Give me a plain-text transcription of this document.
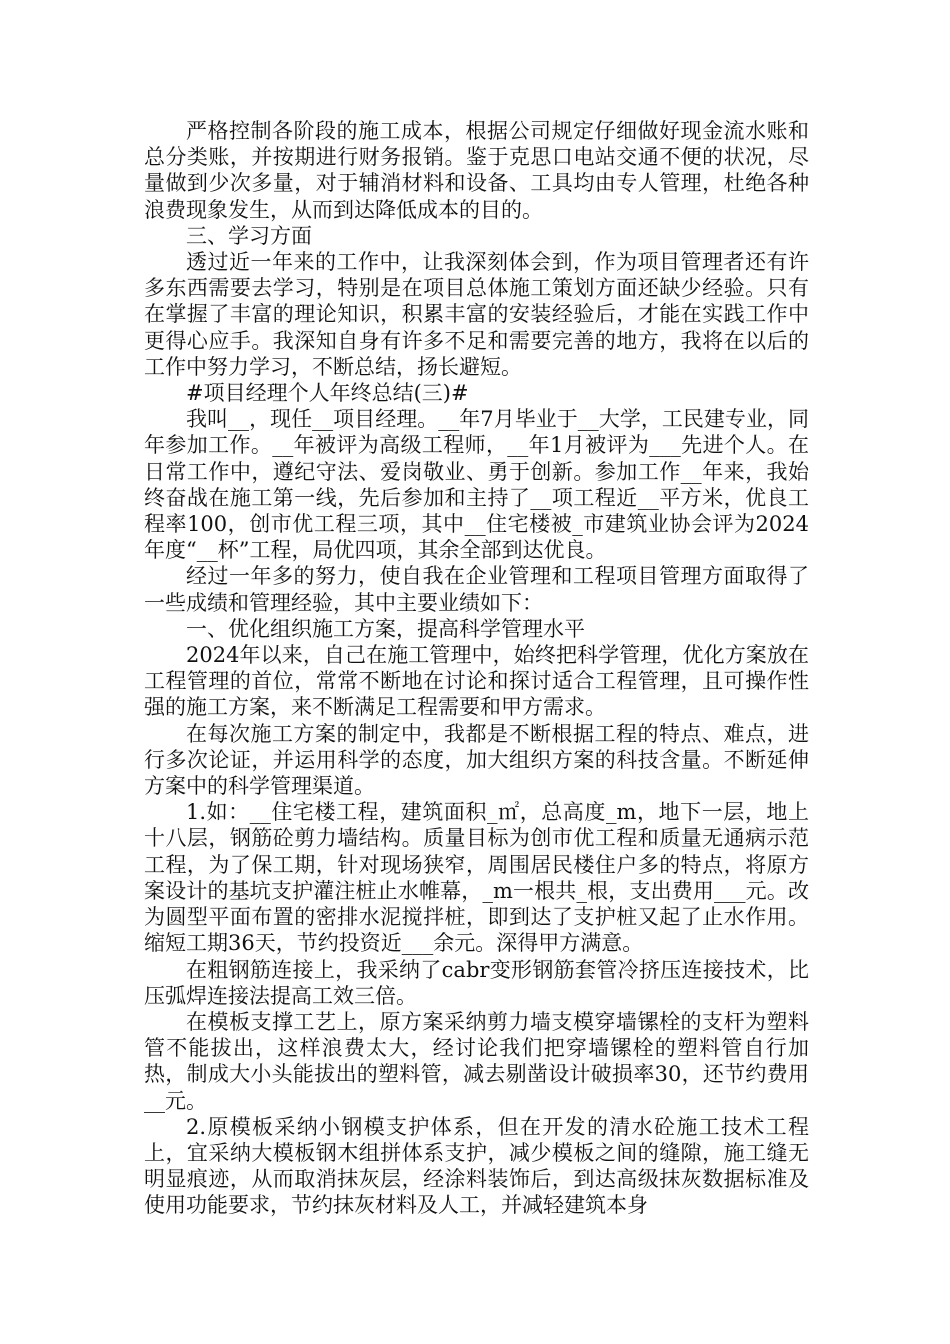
严格控制各阶段的施工成本，根据公司规定仔细做好现金流水账和总分类账，并按期进行财务报销。鉴于克思口电站交通不便的状况，尽量做到少次多量，对于辅消材料和设备、工具均由专人管理，杜绝各种浪费现象发生，从而到达降低成本的目的。

三、学习方面

透过近一年来的工作中，让我深刻体会到，作为项目管理者还有许多东西需要去学习，特别是在项目总体施工策划方面还缺少经验。只有在掌握了丰富的理论知识，积累丰富的安装经验后，才能在实践工作中更得心应手。我深知自身有许多不足和需要完善的地方，我将在以后的工作中努力学习，不断总结，扬长避短。

#项目经理个人年终总结(三)#

我叫__，现任__项目经理。__年7月毕业于__大学，工民建专业，同年参加工作。__年被评为高级工程师，__年1月被评为___先进个人。在日常工作中，遵纪守法、爱岗敬业、勇于创新。参加工作__年来，我始终奋战在施工第一线，先后参加和主持了__项工程近__平方米，优良工程率100，创市优工程三项，其中__住宅楼被_市建筑业协会评为2024年度“__杯”工程，局优四项，其余全部到达优良。

经过一年多的努力，使自我在企业管理和工程项目管理方面取得了一些成绩和管理经验，其中主要业绩如下：

一、优化组织施工方案，提高科学管理水平

2024年以来，自己在施工管理中，始终把科学管理，优化方案放在工程管理的首位，常常不断地在讨论和探讨适合工程管理，且可操作性强的施工方案，来不断满足工程需要和甲方需求。

在每次施工方案的制定中，我都是不断根据工程的特点、难点，进行多次论证，并运用科学的态度，加大组织方案的科技含量。不断延伸方案中的科学管理渠道。

1.如：__住宅楼工程，建筑面积_㎡，总高度_m，地下一层，地上十八层，钢筋砼剪力墙结构。质量目标为创市优工程和质量无通病示范工程，为了保工期，针对现场狭窄，周围居民楼住户多的特点，将原方案设计的基坑支护灌注桩止水帷幕，_m一根共_根，支出费用___元。改为圆型平面布置的密排水泥搅拌桩，即到达了支护桩又起了止水作用。缩短工期36天，节约投资近___余元。深得甲方满意。

在粗钢筋连接上，我采纳了cabr变形钢筋套管冷挤压连接技术，比压弧焊连接法提高工效三倍。

在模板支撑工艺上，原方案采纳剪力墙支模穿墙镙栓的支杆为塑料管不能拔出，这样浪费太大，经讨论我们把穿墙镙栓的塑料管自行加热，制成大小头能拔出的塑料管，减去剔凿设计破损率30，还节约费用__元。

2.原模板采纳小钢模支护体系，但在开发的清水砼施工技术工程上，宜采纳大模板钢木组拼体系支护，减少模板之间的缝隙，施工缝无明显痕迹，从而取消抹灰层，经涂料装饰后，到达高级抹灰数据标准及使用功能要求，节约抹灰材料及人工，并减轻建筑本身
